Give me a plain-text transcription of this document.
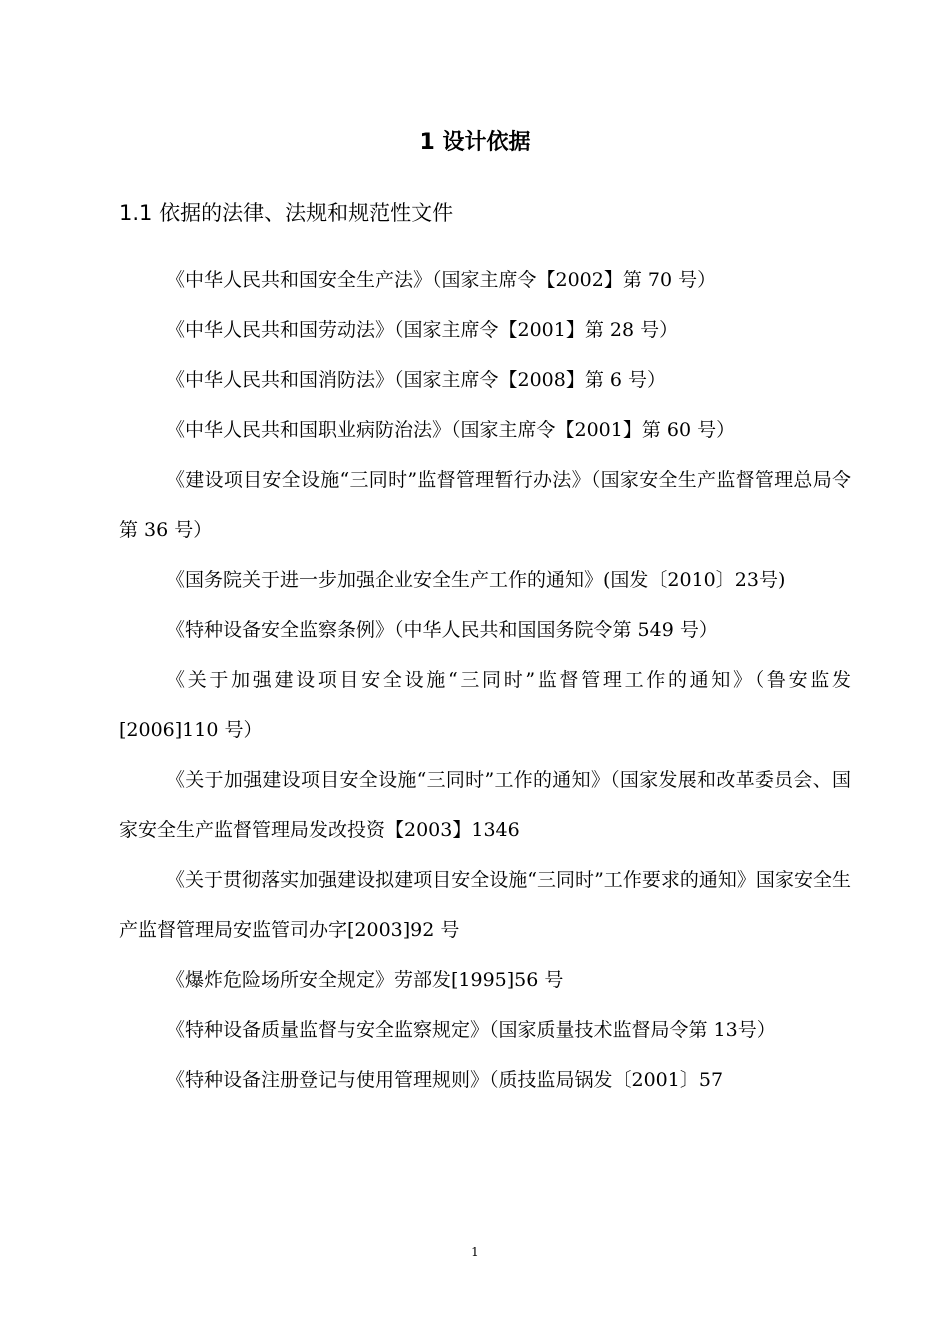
1 设计依据
1.1 依据的法律、法规和规范性文件
《中华人民共和国安全生产法》（国家主席令【2002】第 70 号）
《中华人民共和国劳动法》（国家主席令【2001】第 28 号）
《中华人民共和国消防法》（国家主席令【2008】第 6 号）
《中华人民共和国职业病防治法》（国家主席令【2001】第 60 号）
《建设项目安全设施“三同时”监督管理暂行办法》（国家安全生产监督管理总局令第 36 号）
《国务院关于进一步加强企业安全生产工作的通知》(国发〔2010〕23号)
《特种设备安全监察条例》（中华人民共和国国务院令第 549 号）
《关于加强建设项目安全设施“三同时”监督管理工作的通知》（鲁安监发[2006]110 号）
《关于加强建设项目安全设施“三同时”工作的通知》（国家发展和改革委员会、国家安全生产监督管理局发改投资【2003】1346
《关于贯彻落实加强建设拟建项目安全设施“三同时”工作要求的通知》国家安全生产监督管理局安监管司办字[2003]92 号
《爆炸危险场所安全规定》劳部发[1995]56 号
《特种设备质量监督与安全监察规定》（国家质量技术监督局令第 13号）
《特种设备注册登记与使用管理规则》（质技监局锅发〔2001〕57
1
